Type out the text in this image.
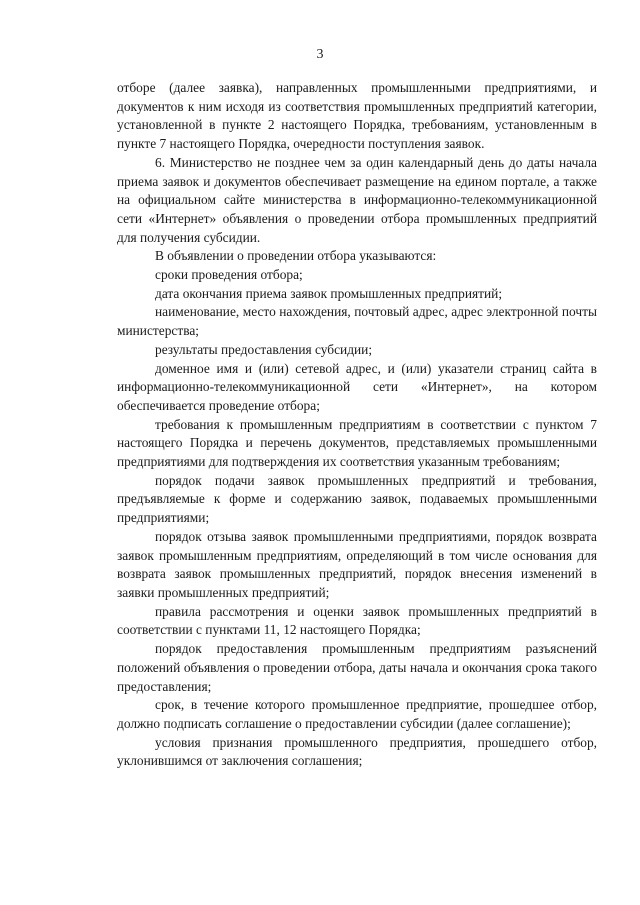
3

отборе (далее заявка), направленных промышленными предприятиями, и документов к ним исходя из соответствия промышленных предприятий категории, установленной в пункте 2 настоящего Порядка, требованиям, установленным в пункте 7 настоящего Порядка, очередности поступления заявок.

6. Министерство не позднее чем за один календарный день до даты начала приема заявок и документов обеспечивает размещение на едином портале, а также на официальном сайте министерства в информационно-телекоммуникационной сети «Интернет» объявления о проведении отбора промышленных предприятий для получения субсидии.

В объявлении о проведении отбора указываются:

сроки проведения отбора;

дата окончания приема заявок промышленных предприятий;

наименование, место нахождения, почтовый адрес, адрес электронной почты министерства;

результаты предоставления субсидии;

доменное имя и (или) сетевой адрес, и (или) указатели страниц сайта в информационно-телекоммуникационной сети «Интернет», на котором обеспечивается проведение отбора;

требования к промышленным предприятиям в соответствии с пунктом 7 настоящего Порядка и перечень документов, представляемых промышленными предприятиями для подтверждения их соответствия указанным требованиям;

порядок подачи заявок промышленных предприятий и требования, предъявляемые к форме и содержанию заявок, подаваемых промышленными предприятиями;

порядок отзыва заявок промышленными предприятиями, порядок возврата заявок промышленным предприятиям, определяющий в том числе основания для возврата заявок промышленных предприятий, порядок внесения изменений в заявки промышленных предприятий;

правила рассмотрения и оценки заявок промышленных предприятий в соответствии с пунктами 11, 12 настоящего Порядка;

порядок предоставления промышленным предприятиям разъяснений положений объявления о проведении отбора, даты начала и окончания срока такого предоставления;

срок, в течение которого промышленное предприятие, прошедшее отбор, должно подписать соглашение о предоставлении субсидии (далее соглашение);

условия признания промышленного предприятия, прошедшего отбор, уклонившимся от заключения соглашения;
